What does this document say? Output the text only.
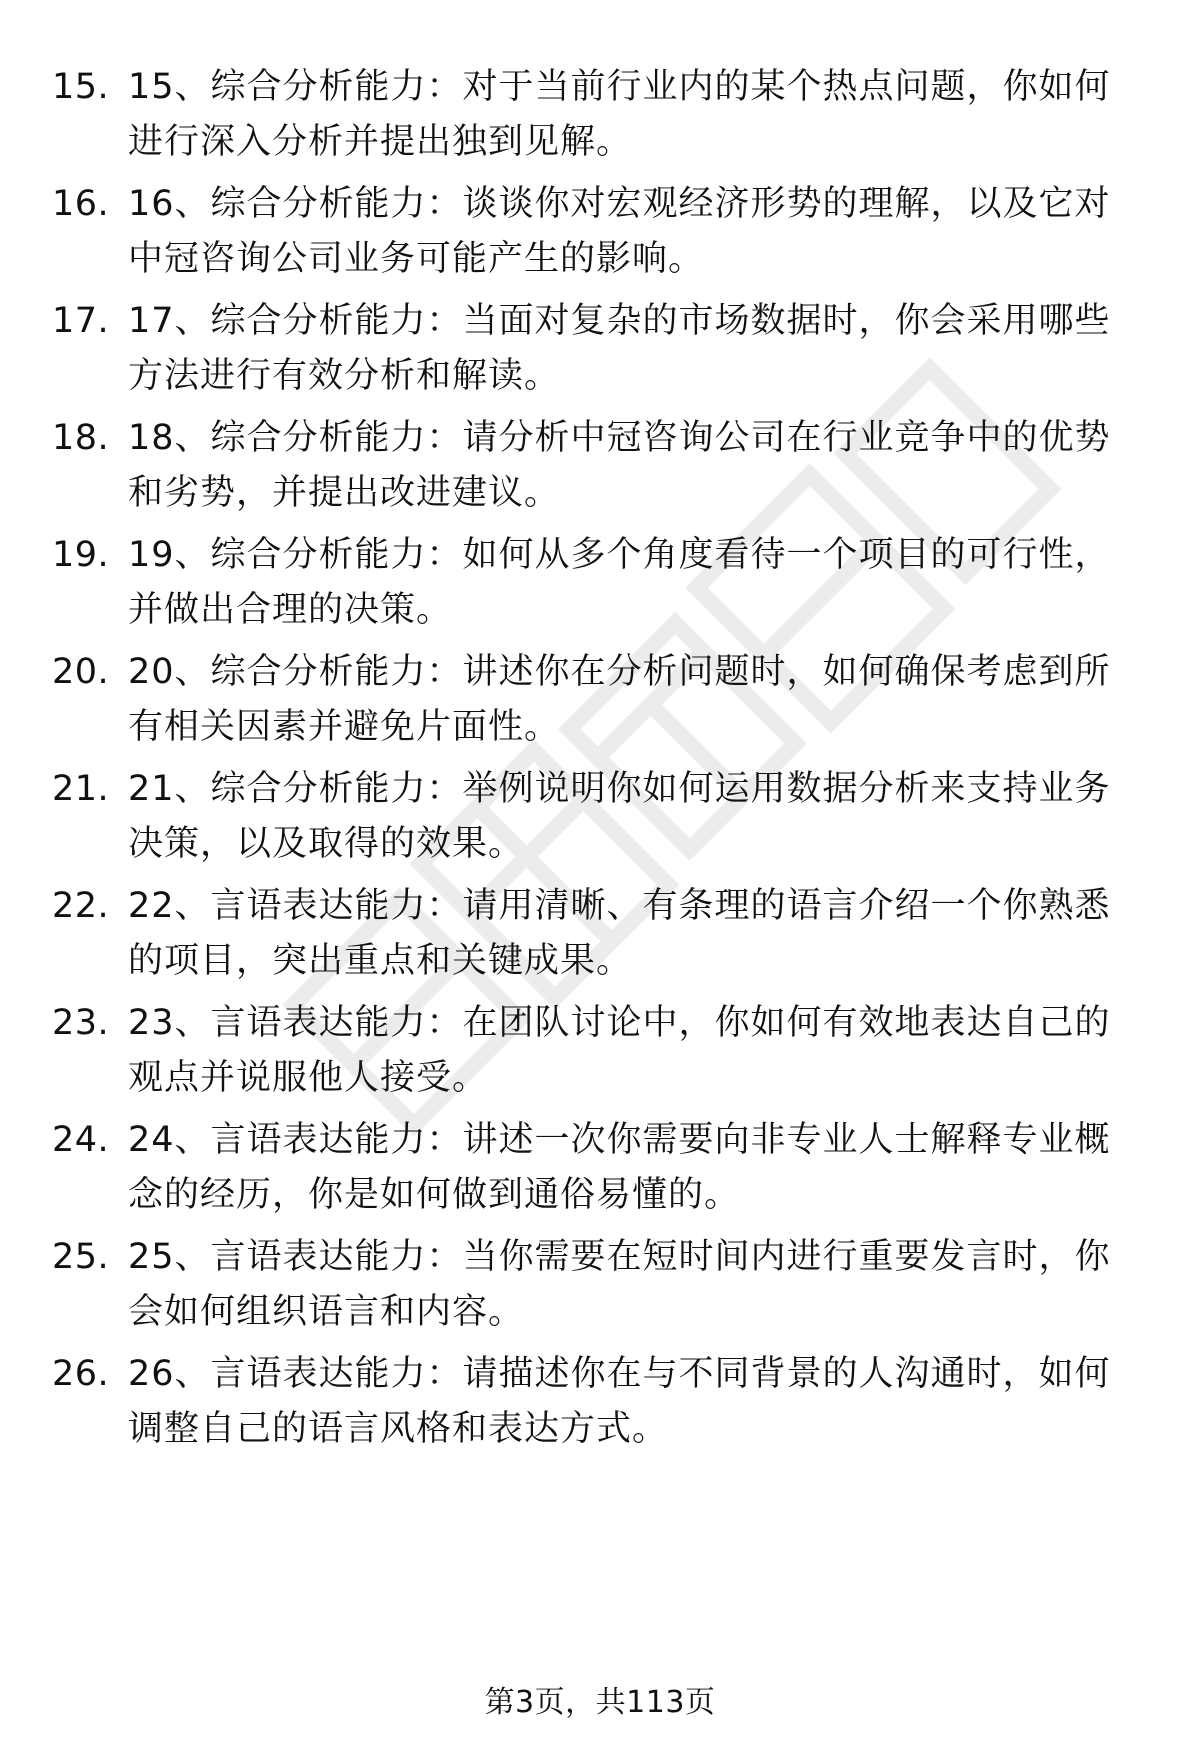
15. 15、综合分析能力：对于当前行业内的某个热点问题，你如何进行深入分析并提出独到见解。
16. 16、综合分析能力：谈谈你对宏观经济形势的理解，以及它对中冠咨询公司业务可能产生的影响。
17. 17、综合分析能力：当面对复杂的市场数据时，你会采用哪些方法进行有效分析和解读。
18. 18、综合分析能力：请分析中冠咨询公司在行业竞争中的优势和劣势，并提出改进建议。
19. 19、综合分析能力：如何从多个角度看待一个项目的可行性，并做出合理的决策。
20. 20、综合分析能力：讲述你在分析问题时，如何确保考虑到所有相关因素并避免片面性。
21. 21、综合分析能力：举例说明你如何运用数据分析来支持业务决策，以及取得的效果。
22. 22、言语表达能力：请用清晰、有条理的语言介绍一个你熟悉的项目，突出重点和关键成果。
23. 23、言语表达能力：在团队讨论中，你如何有效地表达自己的观点并说服他人接受。
24. 24、言语表达能力：讲述一次你需要向非专业人士解释专业概念的经历，你是如何做到通俗易懂的。
25. 25、言语表达能力：当你需要在短时间内进行重要发言时，你会如何组织语言和内容。
26. 26、言语表达能力：请描述你在与不同背景的人沟通时，如何调整自己的语言风格和表达方式。
第3页，共113页
